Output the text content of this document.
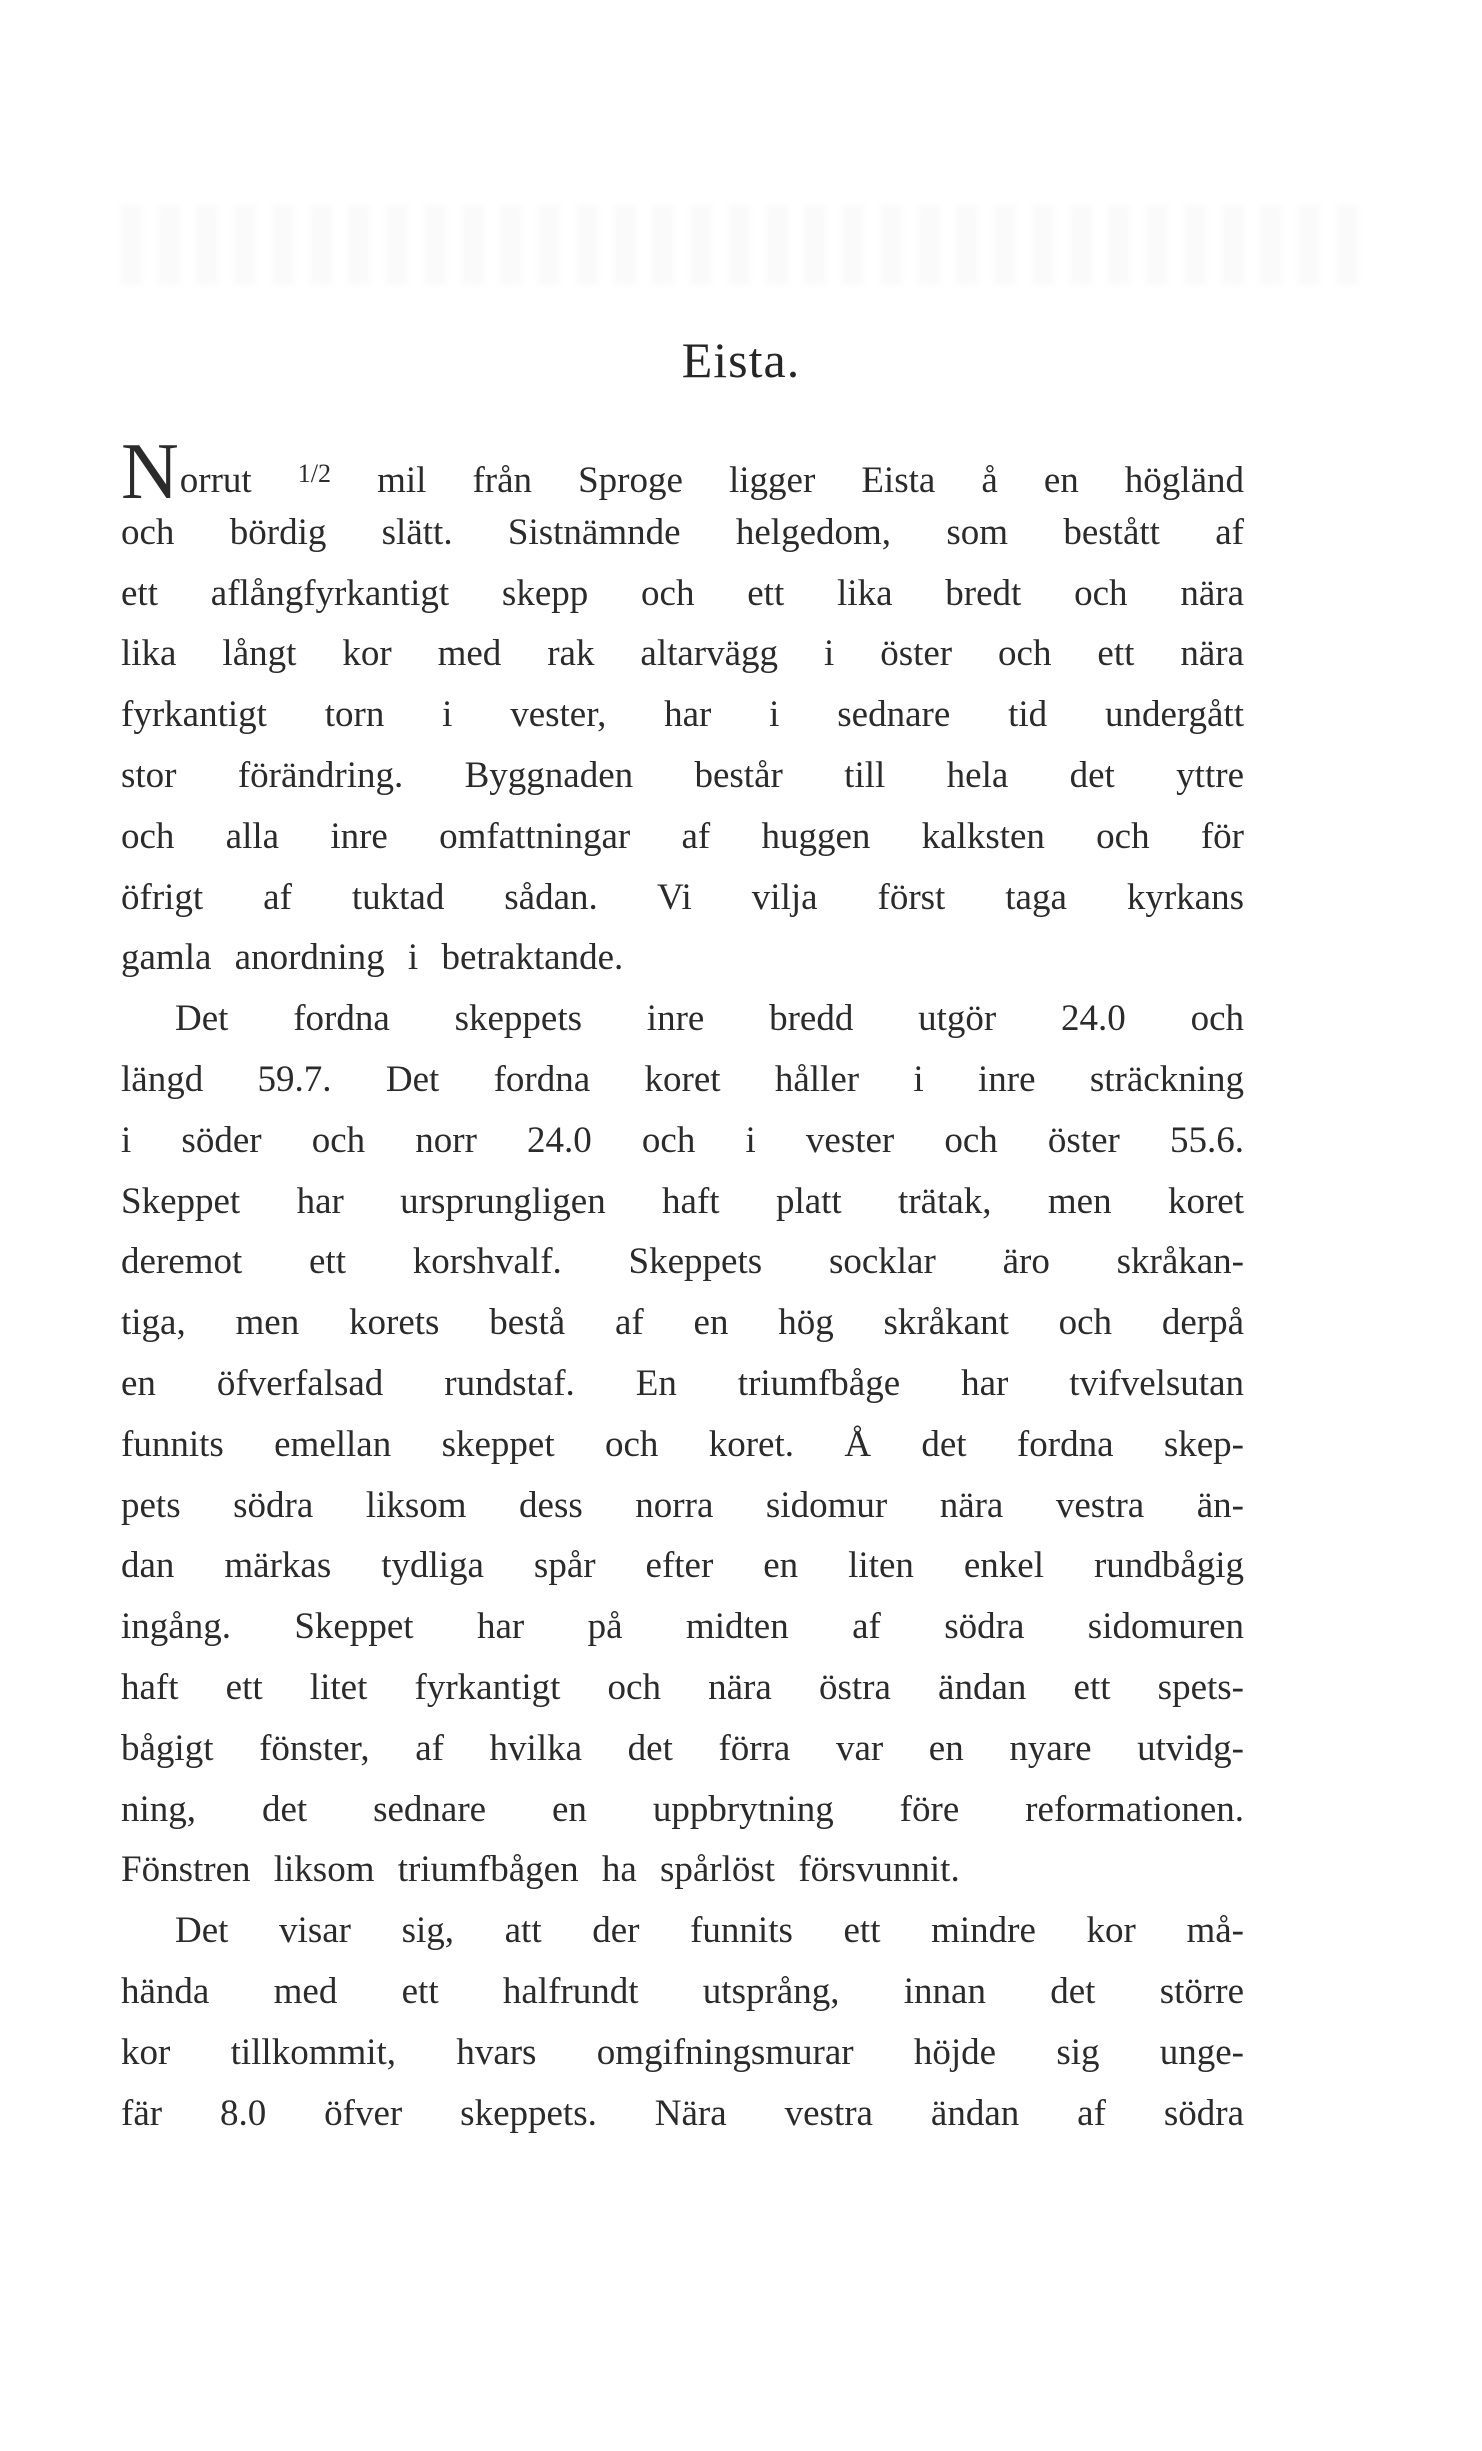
Eista.
Norrut 1/2 mil från Sproge ligger Eista å en högländ
och bördig slätt. Sistnämnde helgedom, som bestått af
ett aflångfyrkantigt skepp och ett lika bredt och nära
lika långt kor med rak altarvägg i öster och ett nära
fyrkantigt torn i vester, har i sednare tid undergått
stor förändring. Byggnaden består till hela det yttre
och alla inre omfattningar af huggen kalksten och för
öfrigt af tuktad sådan. Vi vilja först taga kyrkans
gamla anordning i betraktande.
Det fordna skeppets inre bredd utgör 24.0 och
längd 59.7. Det fordna koret håller i inre sträckning
i söder och norr 24.0 och i vester och öster 55.6.
Skeppet har ursprungligen haft platt trätak, men koret
deremot ett korshvalf. Skeppets socklar äro skråkan-
tiga, men korets bestå af en hög skråkant och derpå
en öfverfalsad rundstaf. En triumfbåge har tvifvelsutan
funnits emellan skeppet och koret. Å det fordna skep-
pets södra liksom dess norra sidomur nära vestra än-
dan märkas tydliga spår efter en liten enkel rundbågig
ingång. Skeppet har på midten af södra sidomuren
haft ett litet fyrkantigt och nära östra ändan ett spets-
bågigt fönster, af hvilka det förra var en nyare utvidg-
ning, det sednare en uppbrytning före reformationen.
Fönstren liksom triumfbågen ha spårlöst försvunnit.
Det visar sig, att der funnits ett mindre kor må-
hända med ett halfrundt utsprång, innan det större
kor tillkommit, hvars omgifningsmurar höjde sig unge-
fär 8.0 öfver skeppets. Nära vestra ändan af södra
